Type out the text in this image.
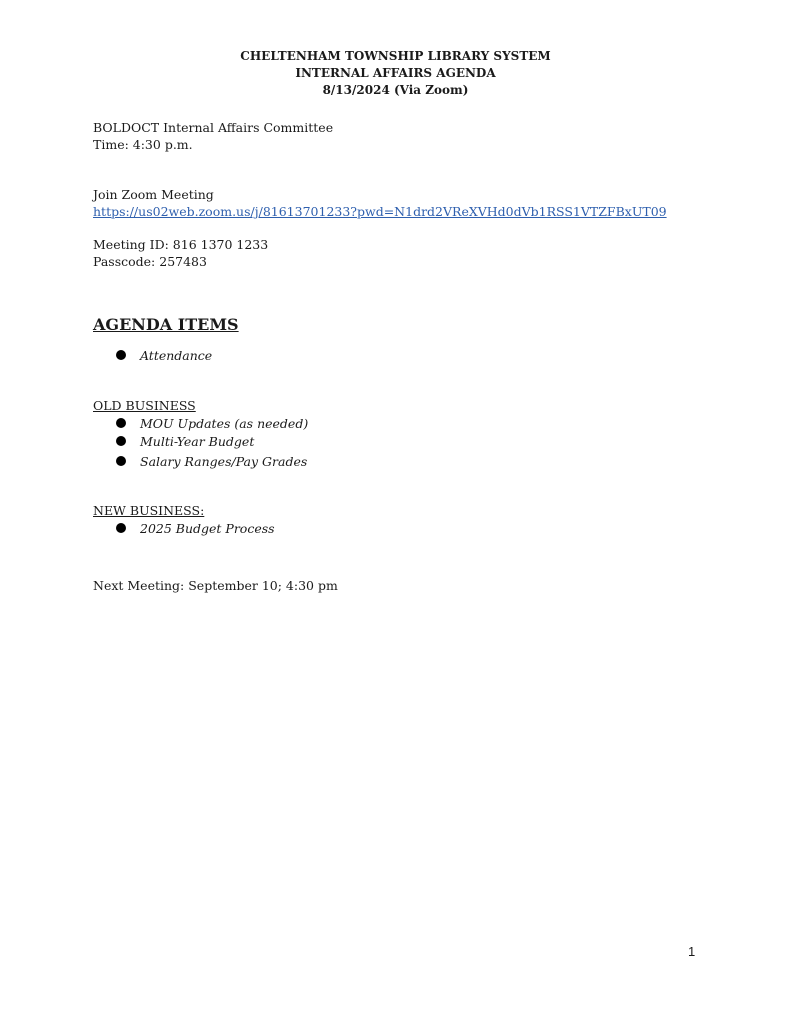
CHELTENHAM TOWNSHIP LIBRARY SYSTEM
INTERNAL AFFAIRS AGENDA
8/13/2024 (Via Zoom)
BOLDOCT Internal Affairs Committee
Time: 4:30 p.m.
Join Zoom Meeting
https://us02web.zoom.us/j/81613701233?pwd=N1drd2VReXVHd0dVb1RSS1VTZFBxUT09
Meeting ID: 816 1370 1233
Passcode: 257483
AGENDA ITEMS
Attendance
OLD BUSINESS
MOU Updates (as needed)
Multi-Year Budget
Salary Ranges/Pay Grades
NEW BUSINESS:
2025 Budget Process
Next Meeting: September 10; 4:30 pm
1
